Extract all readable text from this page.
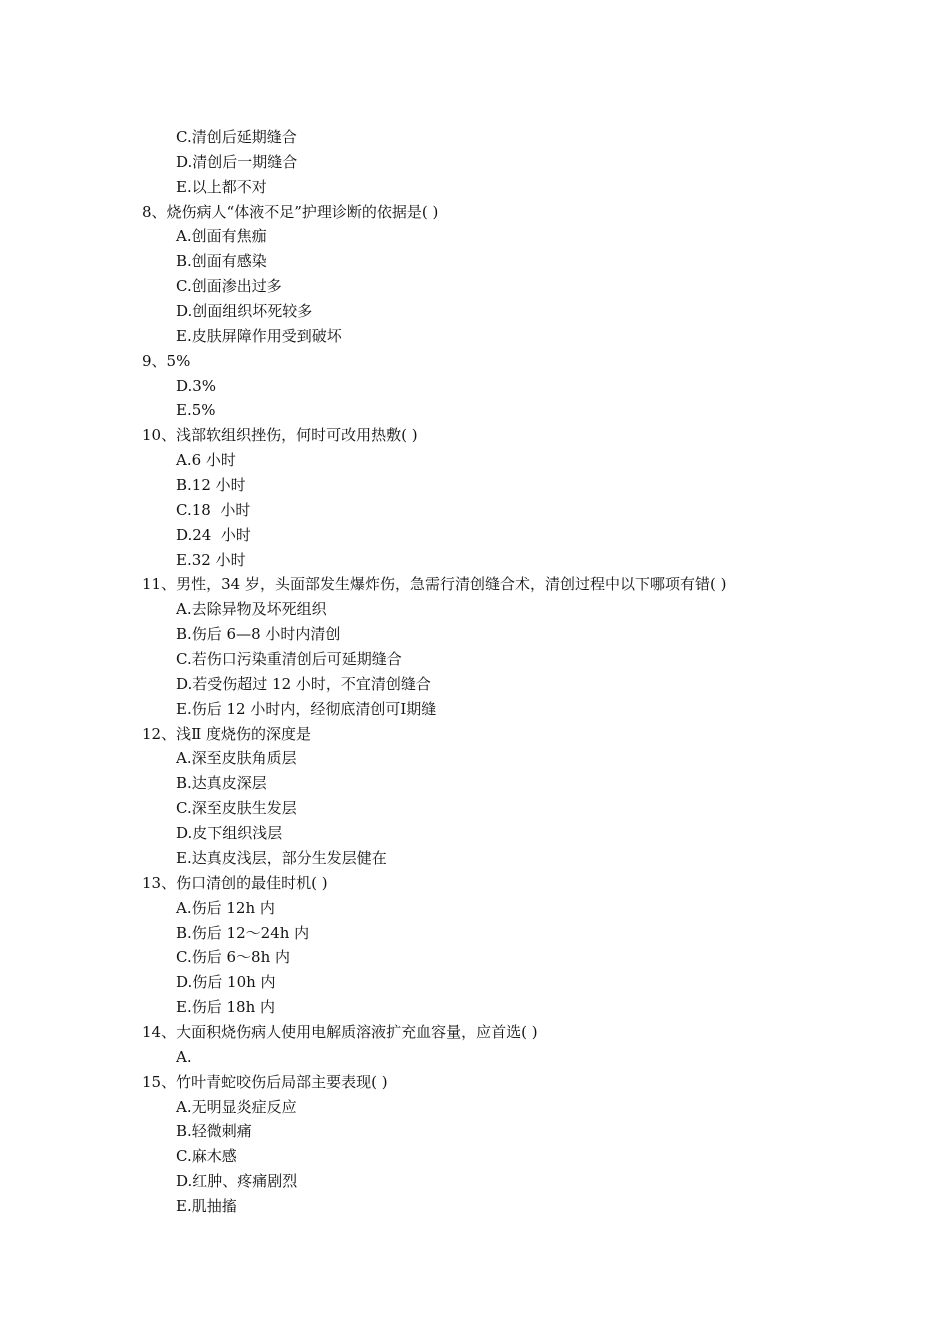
C.清创后延期缝合
D.清创后一期缝合
E.以上都不对
8、烧伤病人“体液不足”护理诊断的依据是( )
A.创面有焦痂
B.创面有感染
C.创面渗出过多
D.创面组织坏死较多
E.皮肤屏障作用受到破坏
9、5%
D.3%
E.5%
10、浅部软组织挫伤，何时可改用热敷( )
A.6 小时
B.12 小时
C.18  小时
D.24  小时
E.32 小时
11、男性，34 岁，头面部发生爆炸伤，急需行清创缝合术，清创过程中以下哪项有错( )
A.去除异物及坏死组织
B.伤后 6—8 小时内清创
C.若伤口污染重清创后可延期缝合
D.若受伤超过 12 小时，不宜清创缝合
E.伤后 12 小时内，经彻底清创可Ⅰ期缝
12、浅Ⅱ 度烧伤的深度是
A.深至皮肤角质层
B.达真皮深层
C.深至皮肤生发层
D.皮下组织浅层
E.达真皮浅层，部分生发层健在
13、伤口清创的最佳时机( )
A.伤后 12h 内
B.伤后 12～24h 内
C.伤后 6～8h 内
D.伤后 10h 内
E.伤后 18h 内
14、大面积烧伤病人使用电解质溶液扩充血容量，应首选( )
A.
15、竹叶青蛇咬伤后局部主要表现( )
A.无明显炎症反应
B.轻微刺痛
C.麻木感
D.红肿、疼痛剧烈
E.肌抽搐
